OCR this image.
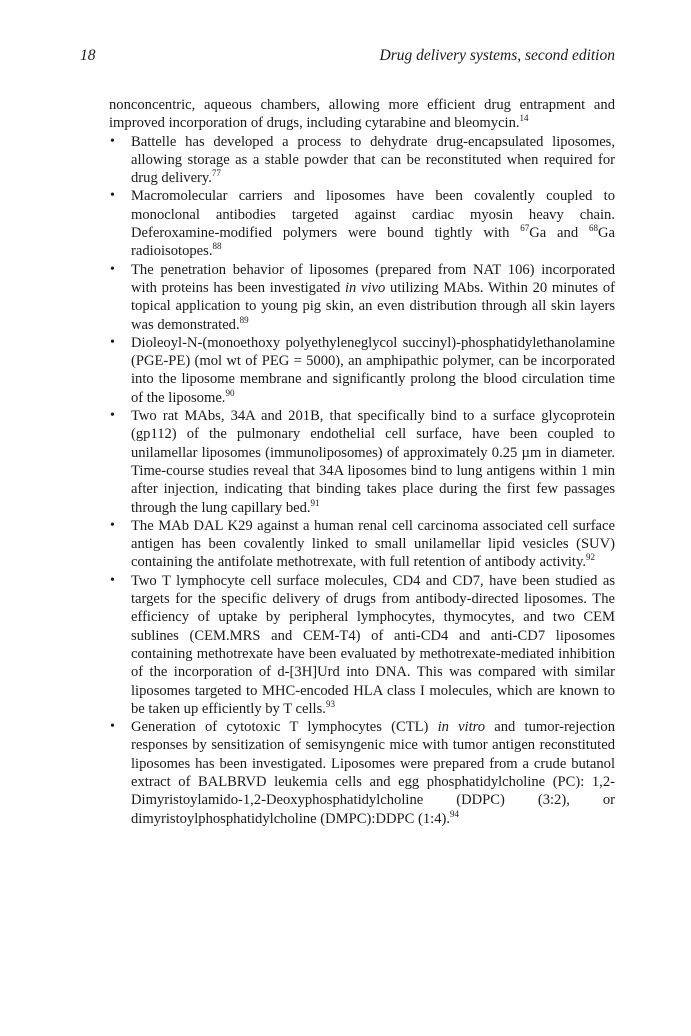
18	Drug delivery systems, second edition

nonconcentric, aqueous chambers, allowing more efficient drug entrapment and improved incorporation of drugs, including cytarabine and bleomycin.$^{14}$

• Battelle has developed a process to dehydrate drug-encapsulated liposomes, allowing storage as a stable powder that can be reconstituted when required for drug delivery.$^{77}$
• Macromolecular carriers and liposomes have been covalently coupled to monoclonal antibodies targeted against cardiac myosin heavy chain. Deferoxamine-modified polymers were bound tightly with $^{67}$Ga and $^{68}$Ga radioisotopes.$^{88}$
• The penetration behavior of liposomes (prepared from NAT 106) incorporated with proteins has been investigated in vivo utilizing MAbs. Within 20 minutes of topical application to young pig skin, an even distribution through all skin layers was demonstrated.$^{89}$
• Dioleoyl-N-(monoethoxy polyethyleneglycol succinyl)-phosphatidylethanolamine (PGE-PE) (mol wt of PEG = 5000), an amphipathic polymer, can be incorporated into the liposome membrane and significantly prolong the blood circulation time of the liposome.$^{90}$
• Two rat MAbs, 34A and 201B, that specifically bind to a surface glycoprotein (gp112) of the pulmonary endothelial cell surface, have been coupled to unilamellar liposomes (immunoliposomes) of approximately 0.25 µm in diameter. Time-course studies reveal that 34A liposomes bind to lung antigens within 1 min after injection, indicating that binding takes place during the first few passages through the lung capillary bed.$^{91}$
• The MAb DAL K29 against a human renal cell carcinoma associated cell surface antigen has been covalently linked to small unilamellar lipid vesicles (SUV) containing the antifolate methotrexate, with full retention of antibody activity.$^{92}$
• Two T lymphocyte cell surface molecules, CD4 and CD7, have been studied as targets for the specific delivery of drugs from antibody-directed liposomes. The efficiency of uptake by peripheral lymphocytes, thymocytes, and two CEM sublines (CEM.MRS and CEM-T4) of anti-CD4 and anti-CD7 liposomes containing methotrexate have been evaluated by methotrexate-mediated inhibition of the incorporation of d-[3H]Urd into DNA. This was compared with similar liposomes targeted to MHC-encoded HLA class I molecules, which are known to be taken up efficiently by T cells.$^{93}$
• Generation of cytotoxic T lymphocytes (CTL) in vitro and tumor-rejection responses by sensitization of semisyngenic mice with tumor antigen reconstituted liposomes has been investigated. Liposomes were prepared from a crude butanol extract of BALBRVD leukemia cells and egg phosphatidylcholine (PC): 1,2-Dimyristoylamido-1,2-Deoxyphosphatidylcholine (DDPC) (3:2), or dimyristoylphosphatidylcholine (DMPC):DDPC (1:4).$^{94}$
